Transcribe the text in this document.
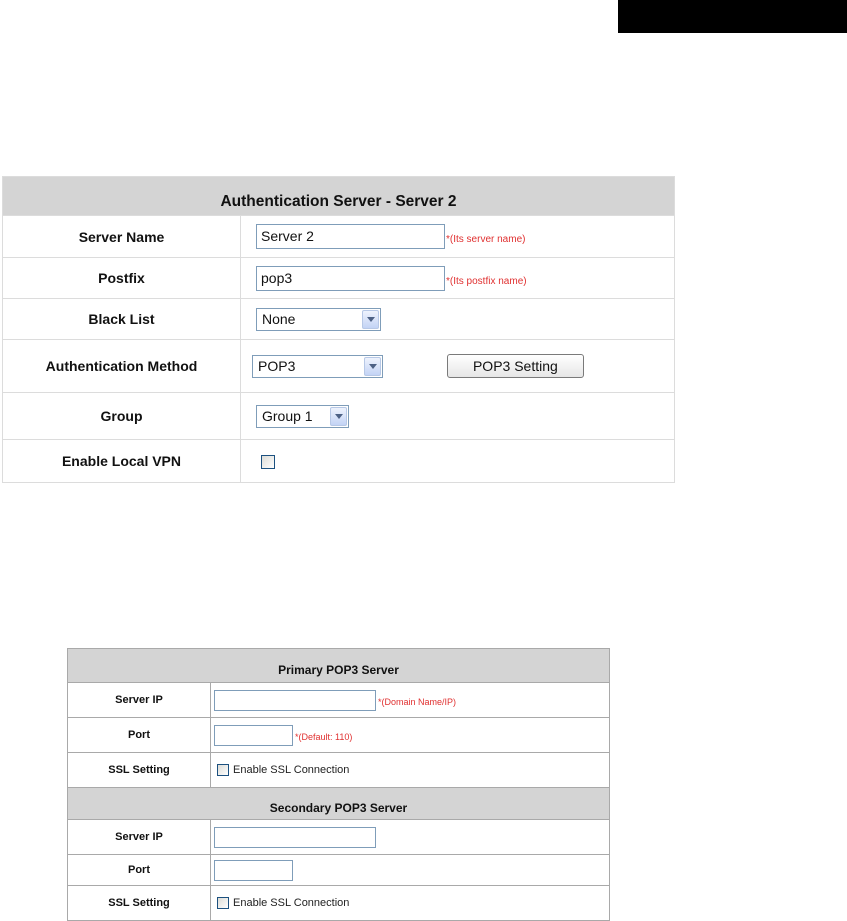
Authentication Server - Server 2	
Server Name	Server 2 $_{*(Its server name)}$
Postfix	pop3 $_{*(Its postfix name)}$
Black List	None

Authentication Method	POP3 POP3 Setting
Group	Group 1

Enable Local VPN	
Primary POP3 Server	
Server IP	*(Domain Name/IP)
Port	*(Default: 110)
SSL Setting	Enable SSL Connection
Secondary POP3 Server	
Server IP	
Port	
SSL Setting	Enable SSL Connection
